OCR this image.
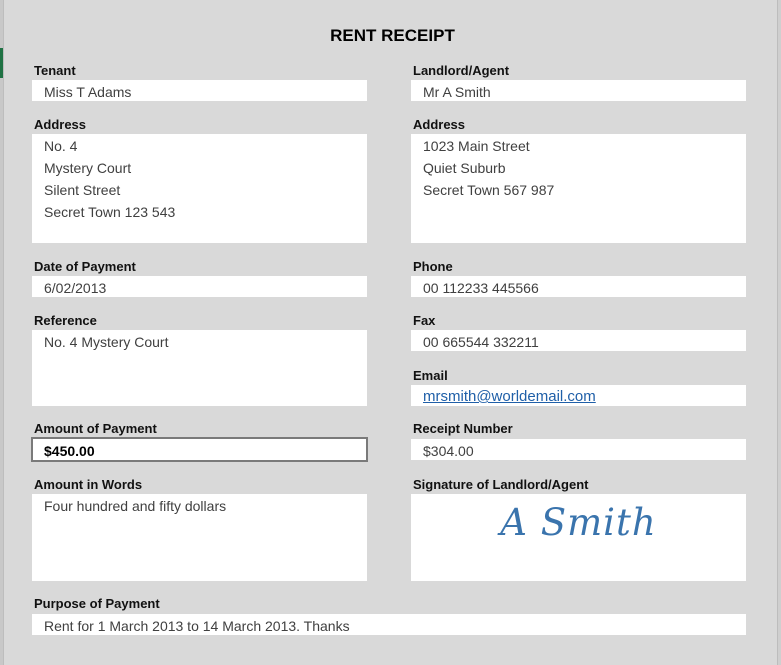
RENT RECEIPT
Tenant
Miss T Adams
Landlord/Agent
Mr A Smith
Address
No. 4
Mystery Court
Silent Street
Secret Town 123 543
Address
1023 Main Street
Quiet Suburb
Secret Town 567 987
Date of Payment
6/02/2013
Phone
00 112233 445566
Reference
No. 4 Mystery Court
Fax
00 665544 332211
Email
mrsmith@worldemail.com
Amount of Payment
$450.00
Receipt Number
$304.00
Amount in Words
Four hundred and fifty dollars
Signature of Landlord/Agent
A Smith
Purpose of Payment
Rent for 1 March 2013 to 14 March 2013. Thanks
